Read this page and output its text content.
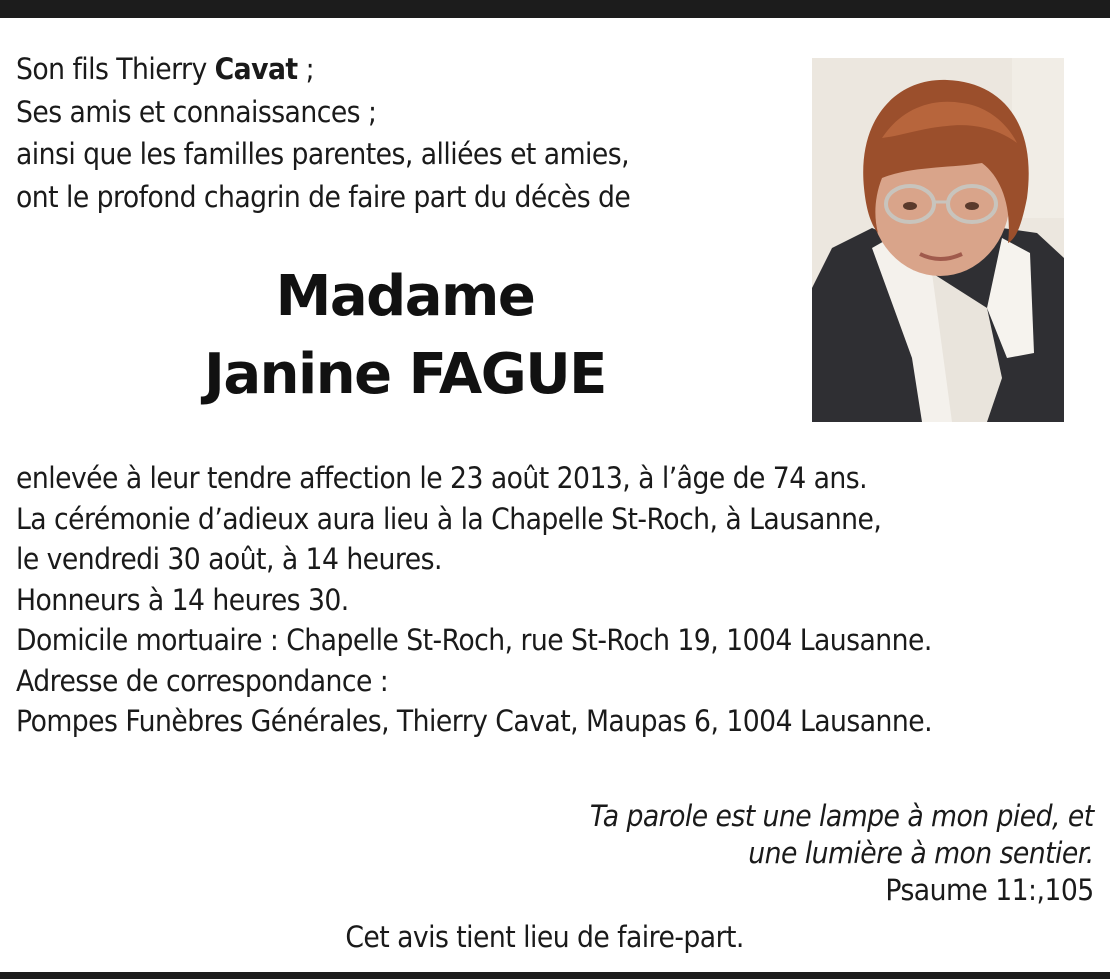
Son fils Thierry Cavat ;
Ses amis et connaissances ;
ainsi que les familles parentes, alliées et amies,
ont le profond chagrin de faire part du décès de
Madame
Janine FAGUE
enlevée à leur tendre affection le 23 août 2013, à l’âge de 74 ans.
La cérémonie d’adieux aura lieu à la Chapelle St-Roch, à Lausanne,
le vendredi 30 août, à 14 heures.
Honneurs à 14 heures 30.
Domicile mortuaire : Chapelle St-Roch, rue St-Roch 19, 1004 Lausanne.
Adresse de correspondance :
Pompes Funèbres Générales, Thierry Cavat, Maupas 6, 1004 Lausanne.
Ta parole est une lampe à mon pied, et
une lumière à mon sentier.
Psaume 11:,105
Cet avis tient lieu de faire-part.
